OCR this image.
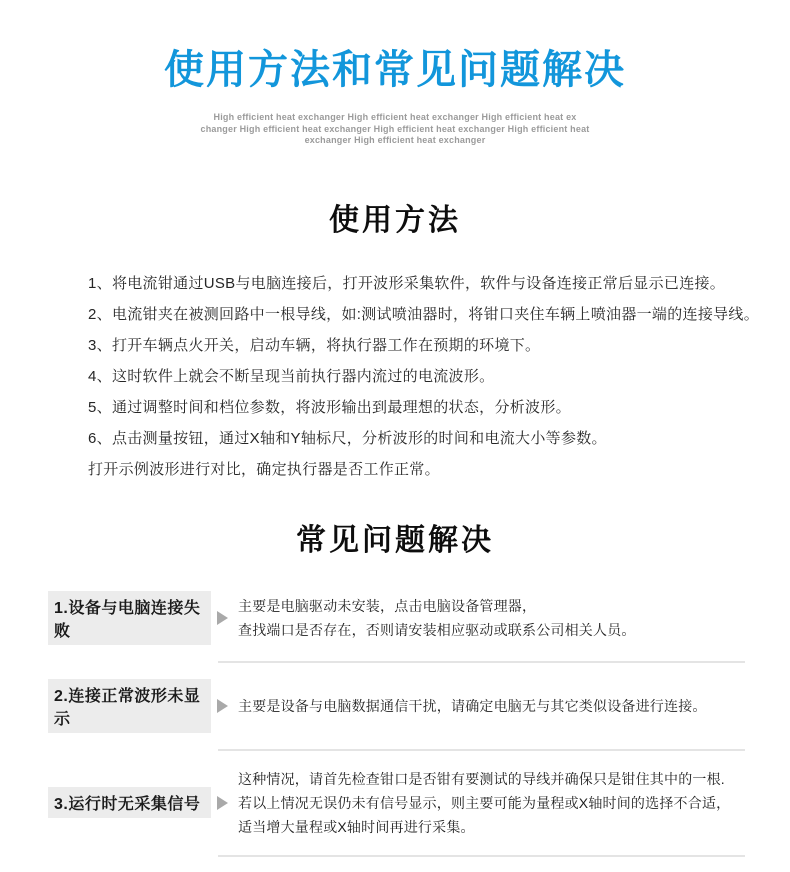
使用方法和常见问题解决
High efficient heat exchanger High efficient heat exchanger High efficient heat ex
changer High efficient heat exchanger High efficient heat exchanger High efficient heat
exchanger High efficient heat exchanger
使用方法

1、将电流钳通过USB与电脑连接后，打开波形采集软件，软件与设备连接正常后显示已连接。

2、电流钳夹在被测回路中一根导线，如:测试喷油器时，将钳口夹住车辆上喷油器一端的连接导线。

3、打开车辆点火开关，启动车辆，将执行器工作在预期的环境下。

4、这时软件上就会不断呈现当前执行器内流过的电流波形。

5、通过调整时间和档位参数，将波形输出到最理想的状态，分析波形。

6、点击测量按钮，通过X轴和Y轴标尺，分析波形的时间和电流大小等参数。

打开示例波形进行对比，确定执行器是否工作正常。

常见问题解决
1.设备与电脑连接失败

主要是电脑驱动未安装，点击电脑设备管理器，

查找端口是否存在，否则请安装相应驱动或联系公司相关人员。

2.连接正常波形未显示

主要是设备与电脑数据通信干扰，请确定电脑无与其它类似设备进行连接。

3.运行时无采集信号

这种情况，请首先检查钳口是否钳有要测试的导线并确保只是钳住其中的一根.

若以上情况无误仍未有信号显示，则主要可能为量程或X轴时间的选择不合适，

适当增大量程或X轴时间再进行采集。
